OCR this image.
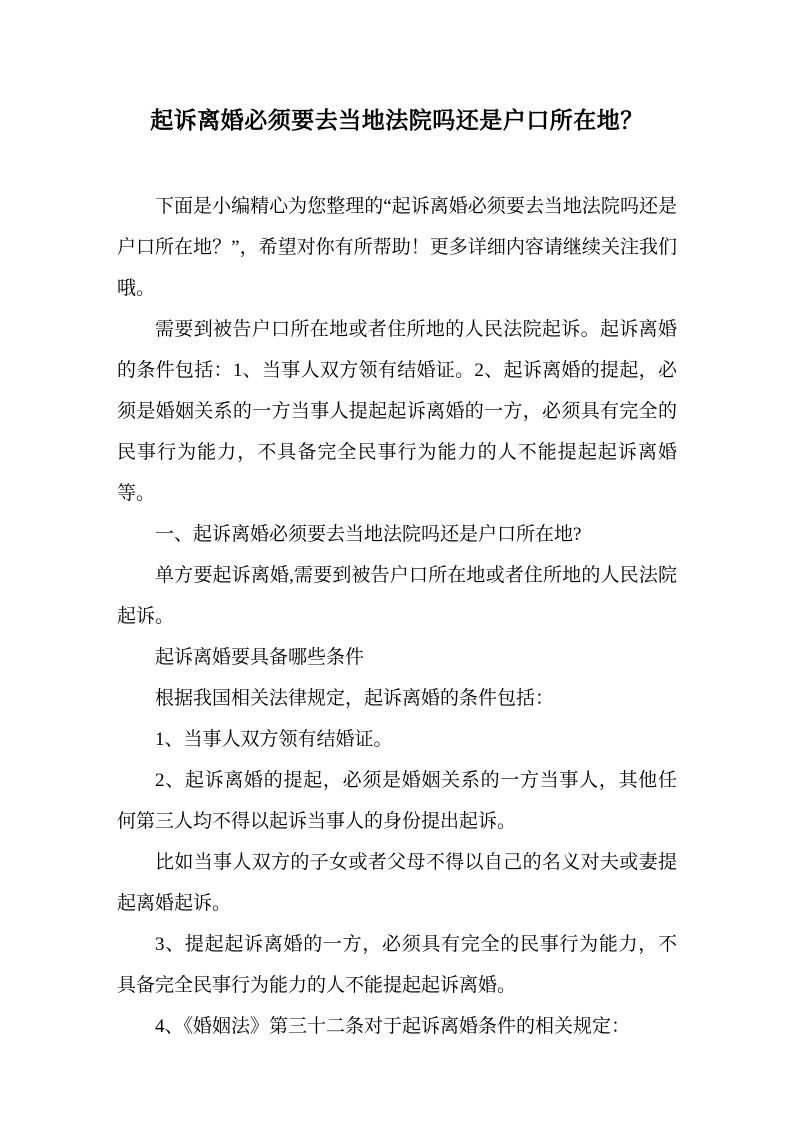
起诉离婚必须要去当地法院吗还是户口所在地？

下面是小编精心为您整理的“起诉离婚必须要去当地法院吗还是户口所在地？”，希望对你有所帮助！更多详细内容请继续关注我们哦。

需要到被告户口所在地或者住所地的人民法院起诉。起诉离婚的条件包括：1、当事人双方领有结婚证。2、起诉离婚的提起，必须是婚姻关系的一方当事人提起起诉离婚的一方，必须具有完全的民事行为能力，不具备完全民事行为能力的人不能提起起诉离婚等。

一、起诉离婚必须要去当地法院吗还是户口所在地?

单方要起诉离婚,需要到被告户口所在地或者住所地的人民法院起诉。

起诉离婚要具备哪些条件

根据我国相关法律规定，起诉离婚的条件包括：

1、当事人双方领有结婚证。

2、起诉离婚的提起，必须是婚姻关系的一方当事人，其他任何第三人均不得以起诉当事人的身份提出起诉。

比如当事人双方的子女或者父母不得以自己的名义对夫或妻提起离婚起诉。

3、提起起诉离婚的一方，必须具有完全的民事行为能力，不具备完全民事行为能力的人不能提起起诉离婚。

4、《婚姻法》第三十二条对于起诉离婚条件的相关规定：
